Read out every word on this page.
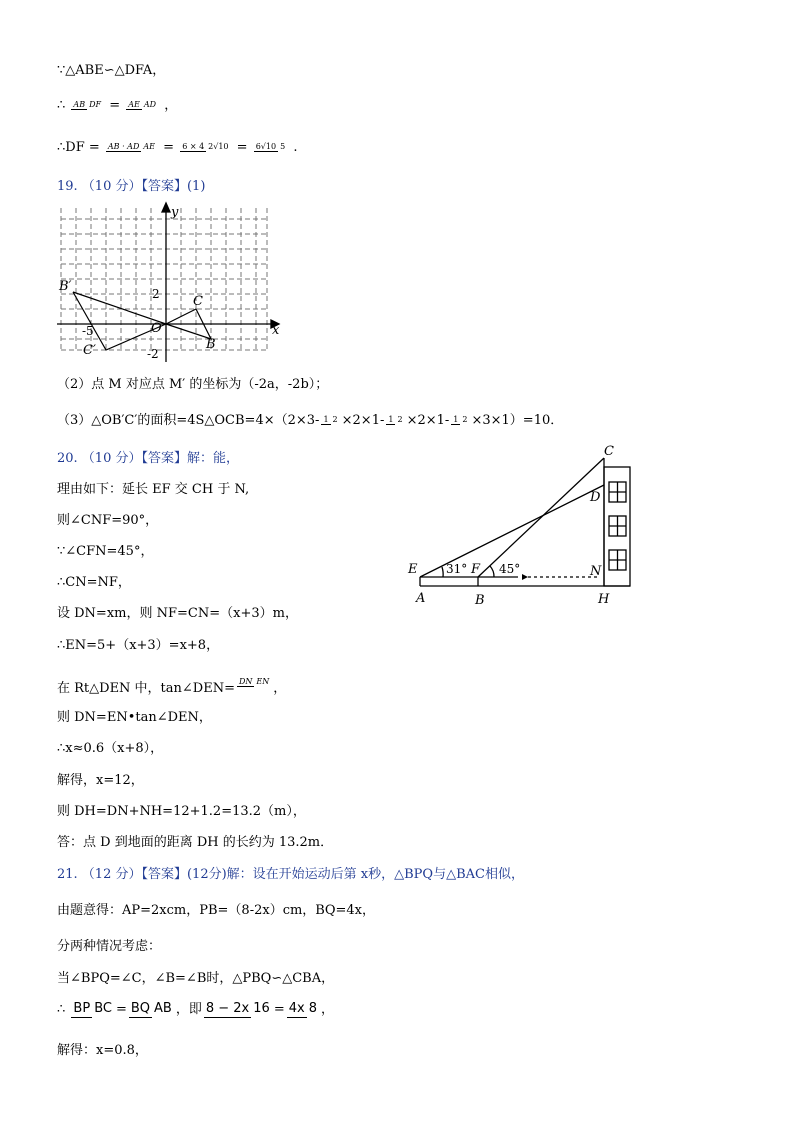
∵△ABE∽△DFA，
∴ AB DF = AE AD ，
∴DF = AB · AD AE = 6 × 4 2√10 = 6√10 5 .
19. （10 分）【答案】(1)
y
x
B′
C
O
B
C′
2
-5
-2
（2）点 M 对应点 M′ 的坐标为（-2a，-2b）；
（3）△OB′C′的面积=4S△OCB=4×（2×3- 1 2 ×2×1- 1 2 ×2×1- 1 2 ×3×1）=10．
20. （10 分）【答案】解：能，
理由如下：延长 EF 交 CH 于 N,
则∠CNF=90°，
∵∠CFN=45°，
∴CN=NF，
设 DN=xm，则 NF=CN=（x+3）m，
∴EN=5+（x+3）=x+8，
在 Rt△DEN 中，tan∠DEN= DN EN ，
则 DN=EN•tan∠DEN，
∴x≈0.6（x+8），
解得，x=12，
则 DH=DN+NH=12+1.2=13.2（m），
答：点 D 到地面的距离 DH 的长约为 13.2m．
C
D
E	F	N
A	B	H
31°	45°
21. （12 分）【答案】(12分)解：设在开始运动后第 x秒，△BPQ与△BAC相似，
由题意得：AP=2xcm，PB=（8-2x）cm，BQ=4x，
分两种情况考虑：
当∠BPQ=∠C，∠B=∠B时，△PBQ∽△CBA，
∴ BP BC = BQ AB ，即 8 − 2x 16 = 4x 8 ，
解得：x=0.8，
